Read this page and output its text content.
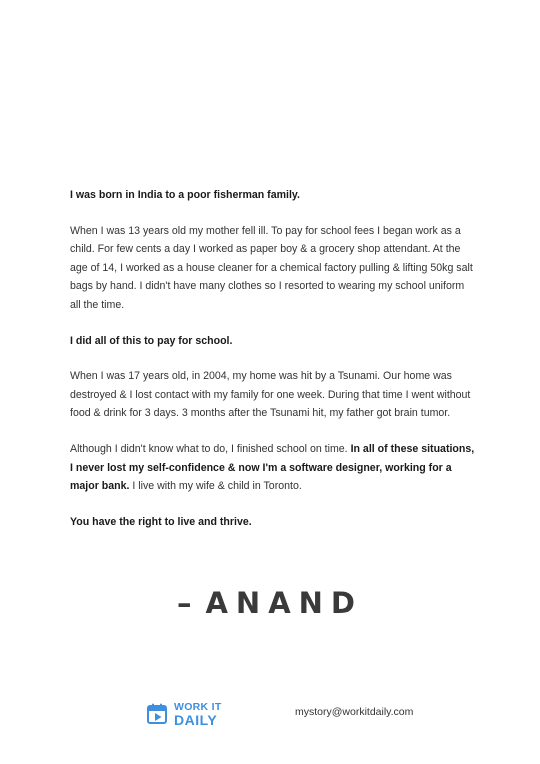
I was born in India to a poor fisherman family.

When I was 13 years old my mother fell ill. To pay for school fees I began work as a child. For few cents a day I worked as paper boy & a grocery shop attendant. At the age of 14, I worked as a house cleaner for a chemical factory pulling & lifting 50kg salt bags by hand. I didn't have many clothes so I resorted to wearing my school uniform all the time.

I did all of this to pay for school.

When I was 17 years old, in 2004, my home was hit by a Tsunami. Our home was destroyed & I lost contact with my family for one week. During that time I went without food & drink for 3 days. 3 months after the Tsunami hit, my father got brain tumor.

Although I didn't know what to do, I finished school on time. In all of these situations, I never lost my self-confidence & now I'm a software designer, working for a major bank. I live with my wife & child in Toronto.

You have the right to live and thrive.

– ANAND
WORK IT
DAILY	mystory@workitdaily.com
